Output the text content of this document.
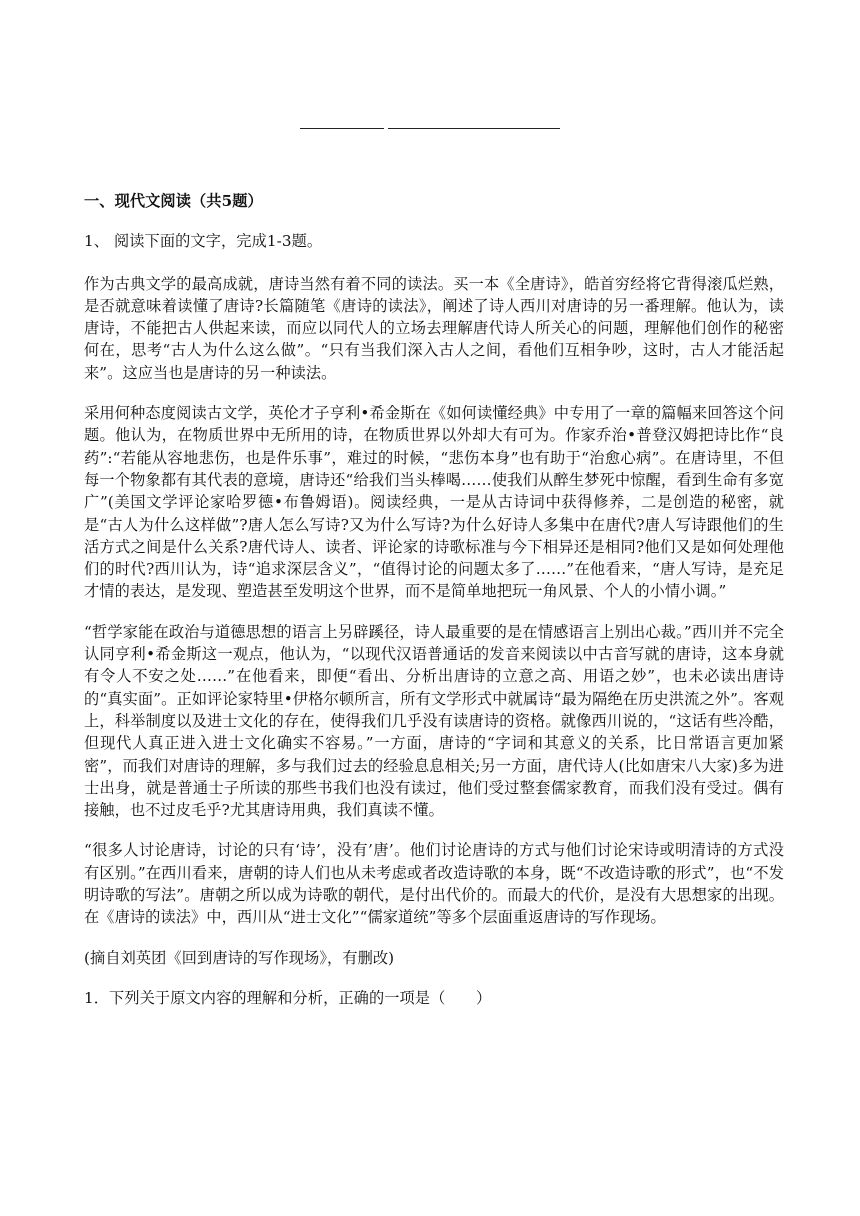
一、现代文阅读（共5题）
1、 阅读下面的文字，完成1-3题。
作为古典文学的最高成就，唐诗当然有着不同的读法。买一本《全唐诗》，皓首穷经将它背得滚瓜烂熟，是否就意味着读懂了唐诗?长篇随笔《唐诗的读法》，阐述了诗人西川对唐诗的另一番理解。他认为，读唐诗，不能把古人供起来读，而应以同代人的立场去理解唐代诗人所关心的问题，理解他们创作的秘密何在，思考“古人为什么这么做”。“只有当我们深入古人之间，看他们互相争吵，这时，古人才能活起来”。这应当也是唐诗的另一种读法。
采用何种态度阅读古文学，英伦才子亨利•希金斯在《如何读懂经典》中专用了一章的篇幅来回答这个问题。他认为，在物质世界中无所用的诗，在物质世界以外却大有可为。作家乔治•普登汉姆把诗比作“良药”:“若能从容地悲伤，也是件乐事”，难过的时候，“悲伤本身”也有助于“治愈心病”。在唐诗里，不但每一个物象都有其代表的意境，唐诗还“给我们当头棒喝……使我们从醉生梦死中惊醒，看到生命有多宽广”(美国文学评论家哈罗德•布鲁姆语)。阅读经典，一是从古诗词中获得修养，二是创造的秘密，就是“古人为什么这样做”?唐人怎么写诗?又为什么写诗?为什么好诗人多集中在唐代?唐人写诗跟他们的生活方式之间是什么关系?唐代诗人、读者、评论家的诗歌标准与今下相异还是相同?他们又是如何处理他们的时代?西川认为，诗“追求深层含义”，“值得讨论的问题太多了……”在他看来，“唐人写诗，是充足才情的表达，是发现、塑造甚至发明这个世界，而不是简单地把玩一角风景、个人的小情小调。”
“哲学家能在政治与道德思想的语言上另辟蹊径，诗人最重要的是在情感语言上别出心裁。”西川并不完全认同亨利•希金斯这一观点，他认为，“以现代汉语普通话的发音来阅读以中古音写就的唐诗，这本身就有令人不安之处……”在他看来，即便“看出、分析出唐诗的立意之高、用语之妙”，也未必读出唐诗的“真实面”。正如评论家特里•伊格尔顿所言，所有文学形式中就属诗“最为隔绝在历史洪流之外”。客观上，科举制度以及进士文化的存在，使得我们几乎没有读唐诗的资格。就像西川说的，“这话有些冷酷，但现代人真正进入进士文化确实不容易。”一方面，唐诗的“字词和其意义的关系，比日常语言更加紧密”，而我们对唐诗的理解，多与我们过去的经验息息相关;另一方面，唐代诗人(比如唐宋八大家)多为进士出身，就是普通士子所读的那些书我们也没有读过，他们受过整套儒家教育，而我们没有受过。偶有接触，也不过皮毛乎?尤其唐诗用典，我们真读不懂。
“很多人讨论唐诗，讨论的只有‘诗’，没有’唐’。他们讨论唐诗的方式与他们讨论宋诗或明清诗的方式没有区别。”在西川看来，唐朝的诗人们也从未考虑或者改造诗歌的本身，既“不改造诗歌的形式”，也“不发明诗歌的写法”。唐朝之所以成为诗歌的朝代，是付出代价的。而最大的代价，是没有大思想家的出现。在《唐诗的读法》中，西川从“进士文化”“儒家道统”等多个层面重返唐诗的写作现场。
(摘自刘英团《回到唐诗的写作现场》，有删改)
1．下列关于原文内容的理解和分析，正确的一项是（　　）
